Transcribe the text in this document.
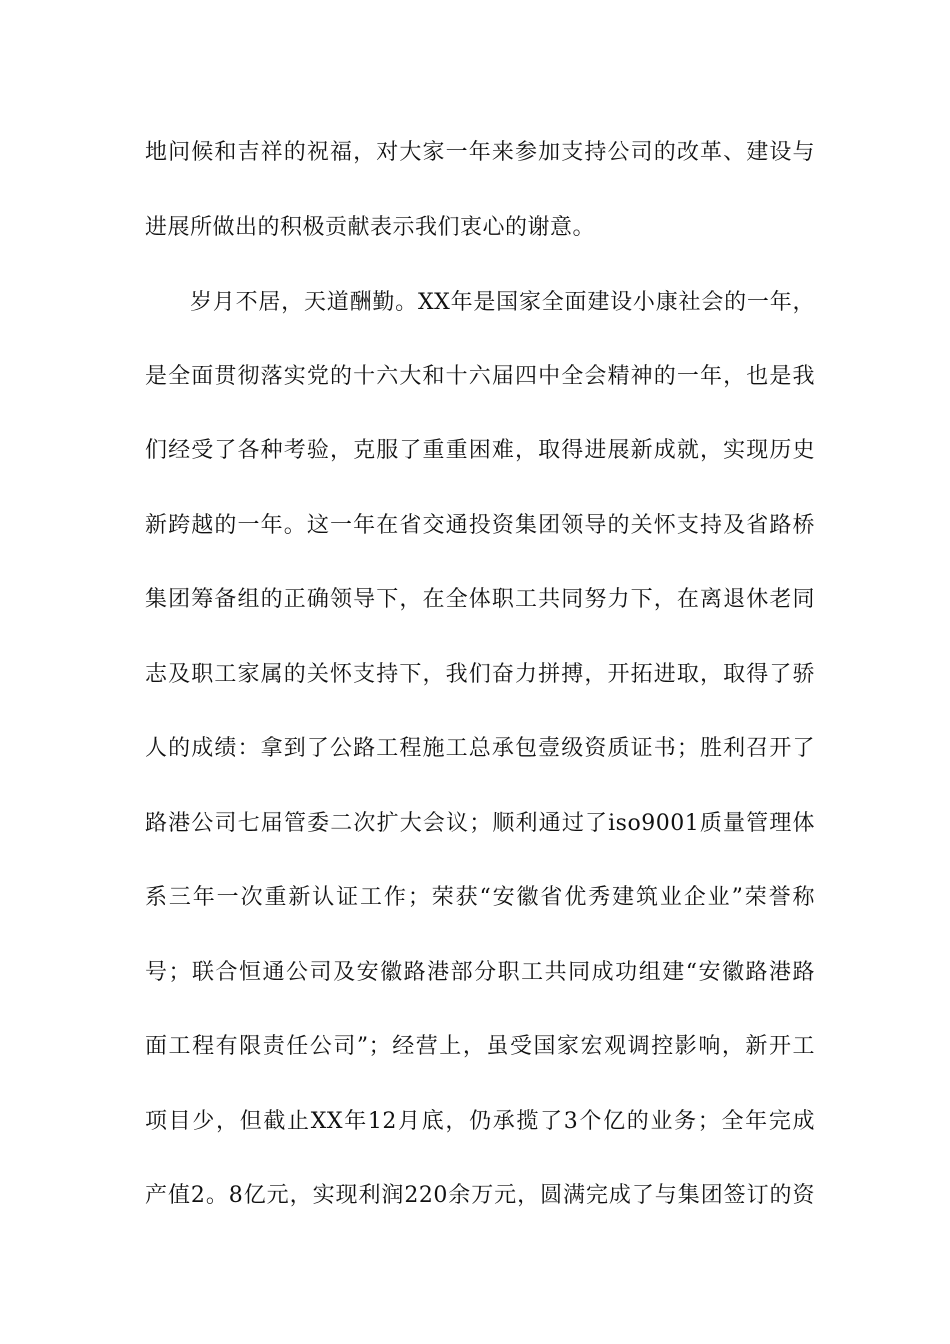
地问候和吉祥的祝福，对大家一年来参加支持公司的改革、建设与
进展所做出的积极贡献表示我们衷心的谢意。
岁月不居，天道酬勤。XX年是国家全面建设小康社会的一年，
是全面贯彻落实党的十六大和十六届四中全会精神的一年，也是我
们经受了各种考验，克服了重重困难，取得进展新成就，实现历史
新跨越的一年。这一年在省交通投资集团领导的关怀支持及省路桥
集团筹备组的正确领导下，在全体职工共同努力下，在离退休老同
志及职工家属的关怀支持下，我们奋力拼搏，开拓进取，取得了骄
人的成绩：拿到了公路工程施工总承包壹级资质证书；胜利召开了
路港公司七届管委二次扩大会议；顺利通过了iso9001质量管理体
系三年一次重新认证工作；荣获“安徽省优秀建筑业企业”荣誉称
号；联合恒通公司及安徽路港部分职工共同成功组建“安徽路港路
面工程有限责任公司”；经营上，虽受国家宏观调控影响，新开工
项目少，但截止XX年12月底，仍承揽了3个亿的业务；全年完成
产值2。8亿元，实现利润220余万元，圆满完成了与集团签订的资
